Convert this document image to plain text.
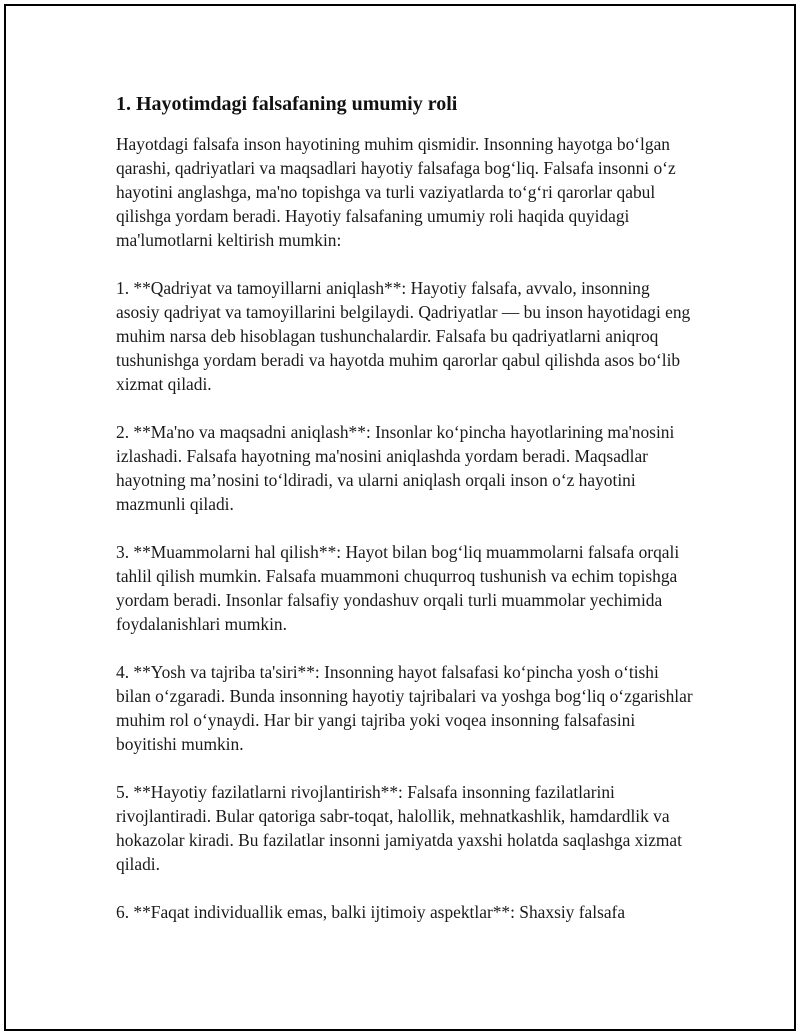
1. Hayotimdagi falsafaning umumiy roli

Hayotdagi falsafa inson hayotining muhim qismidir. Insonning hayotga bo‘lgan qarashi, qadriyatlari va maqsadlari hayotiy falsafaga bog‘liq. Falsafa insonni o‘z hayotini anglashga, ma'no topishga va turli vaziyatlarda to‘g‘ri qarorlar qabul qilishga yordam beradi. Hayotiy falsafaning umumiy roli haqida quyidagi ma'lumotlarni keltirish mumkin:

1. **Qadriyat va tamoyillarni aniqlash**: Hayotiy falsafa, avvalo, insonning asosiy qadriyat va tamoyillarini belgilaydi. Qadriyatlar — bu inson hayotidagi eng muhim narsa deb hisoblagan tushunchalardir. Falsafa bu qadriyatlarni aniqroq tushunishga yordam beradi va hayotda muhim qarorlar qabul qilishda asos bo‘lib xizmat qiladi.

2. **Ma'no va maqsadni aniqlash**: Insonlar ko‘pincha hayotlarining ma'nosini izlashadi. Falsafa hayotning ma'nosini aniqlashda yordam beradi. Maqsadlar hayotning ma’nosini to‘ldiradi, va ularni aniqlash orqali inson o‘z hayotini mazmunli qiladi.

3. **Muammolarni hal qilish**: Hayot bilan bog‘liq muammolarni falsafa orqali tahlil qilish mumkin. Falsafa muammoni chuqurroq tushunish va echim topishga yordam beradi. Insonlar falsafiy yondashuv orqali turli muammolar yechimida foydalanishlari mumkin.

4. **Yosh va tajriba ta'siri**: Insonning hayot falsafasi ko‘pincha yosh o‘tishi bilan o‘zgaradi. Bunda insonning hayotiy tajribalari va yoshga bog‘liq o‘zgarishlar muhim rol o‘ynaydi. Har bir yangi tajriba yoki voqea insonning falsafasini boyitishi mumkin.

5. **Hayotiy fazilatlarni rivojlantirish**: Falsafa insonning fazilatlarini rivojlantiradi. Bular qatoriga sabr-toqat, halollik, mehnatkashlik, hamdardlik va hokazolar kiradi. Bu fazilatlar insonni jamiyatda yaxshi holatda saqlashga xizmat qiladi.

6. **Faqat individuallik emas, balki ijtimoiy aspektlar**: Shaxsiy falsafa
